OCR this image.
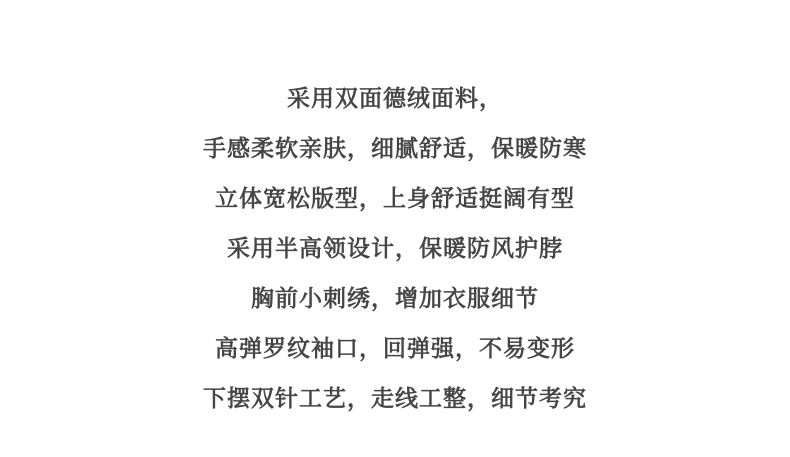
采用双面德绒面料，

手感柔软亲肤，细腻舒适，保暖防寒

立体宽松版型，上身舒适挺阔有型

采用半高领设计，保暖防风护脖

胸前小刺绣，增加衣服细节

高弹罗纹袖口，回弹强，不易变形

下摆双针工艺，走线工整，细节考究
